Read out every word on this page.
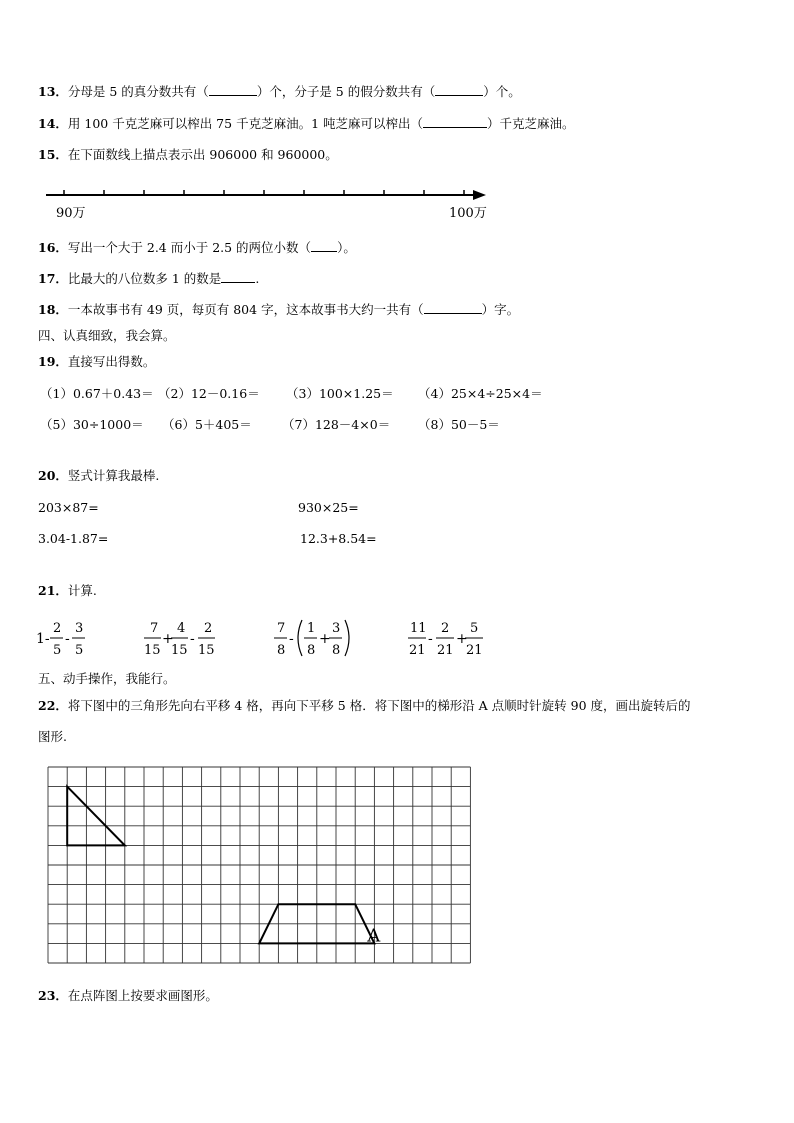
13．分母是 5 的真分数共有（	）个，分子是 5 的假分数共有（	）个。
14．用 100 千克芝麻可以榨出 75 千克芝麻油。1 吨芝麻可以榨出（	）千克芝麻油。
15．在下面数线上描点表示出 906000 和 960000。
90万	100万
16．写出一个大于 2.4 而小于 2.5 的两位小数（ ）。
17．比最大的八位数多 1 的数是	.
18．一本故事书有 49 页，每页有 804 字，这本故事书大约一共有（	）字。
四、认真细致，我会算。
19．直接写出得数。
（1）0.67＋0.43＝ （2）12－0.16＝ （3）100×1.25＝ （4）25×4÷25×4＝
（5）30÷1000＝ （6）5＋405＝ （7）128－4×0＝ （8）50－5＝
20．竖式计算我最棒.
203×87=	930×25=
3.04-1.87=	12.3+8.54=
21．计算.
1-
2
5
-
3
5
7
15
+
4
15
-
2
15
7
8
-
1
8
+
3
8
11
21
-
2
21
+
5
21
五、动手操作，我能行。
22．将下图中的三角形先向右平移 4 格，再向下平移 5 格．将下图中的梯形沿 A 点顺时针旋转 90 度，画出旋转后的
图形.
A
23．在点阵图上按要求画图形。
